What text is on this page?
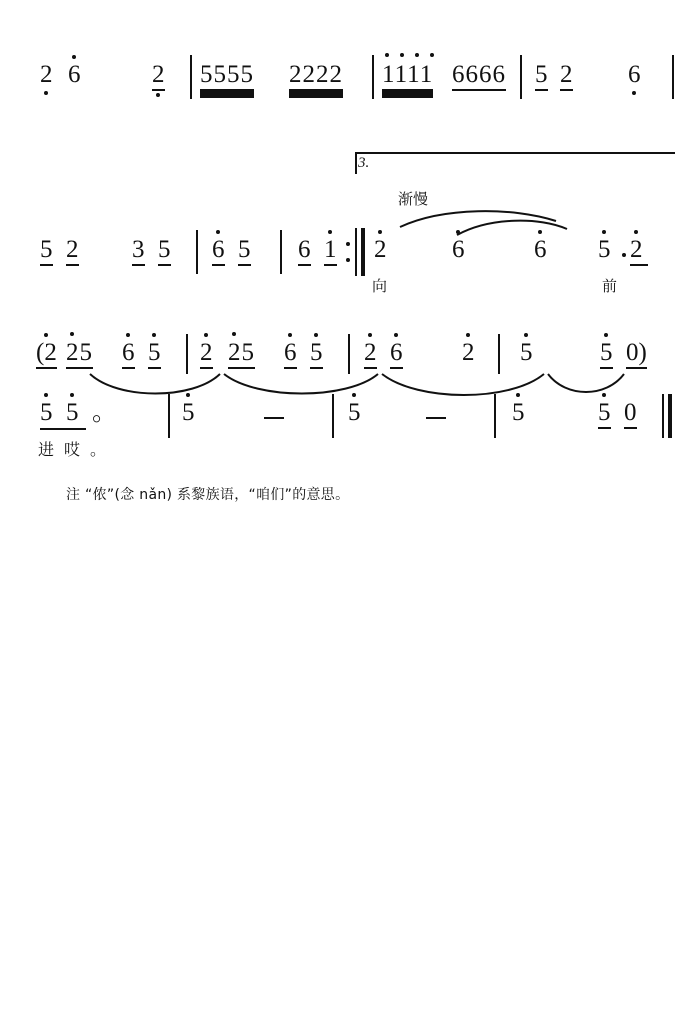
2 6	2 5555 2222 1111 6666 5 2 6
3.
渐慢
5 2 3 5 6 5 6 1 2
向
6	6
前
5 2
(2 25 6 5 2 25 6 5 2 6 2 5	5 0)
5 5 。	5	5	5	5 0
进 哎 。
注 “侬”(念 nǎn) 系黎族语，“咱们”的意思。
